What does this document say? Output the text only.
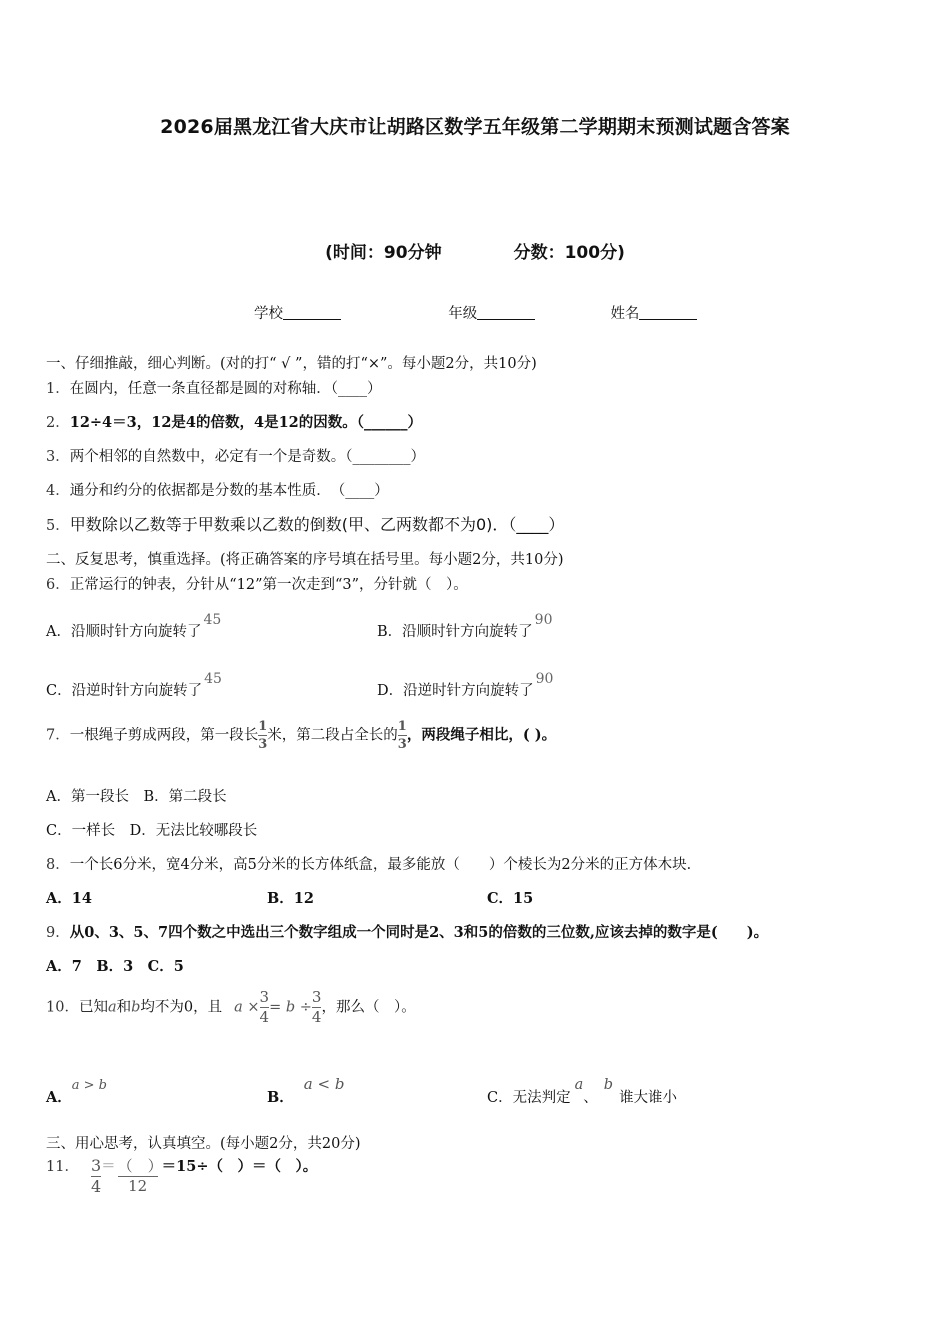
2026届黑龙江省大庆市让胡路区数学五年级第二学期期末预测试题含答案
(时间：90分钟	分数：100分)
学校	年级	姓名
一、仔细推敲，细心判断。(对的打“ √ ”，错的打“×”。每小题2分，共10分)
1．在圆内，任意一条直径都是圆的对称轴．（____）
2．12÷4＝3，12是4的倍数，4是12的因数。（______）
3．两个相邻的自然数中，必定有一个是奇数。（________）
4．通分和约分的依据都是分数的基本性质．　（____）
5．甲数除以乙数等于甲数乘以乙数的倒数(甲、乙两数都不为0)．（____）
二、反复思考，慎重选择。(将正确答案的序号填在括号里。每小题2分，共10分)
6．正常运行的钟表，分针从“12”第一次走到“3”，分针就（　）。
A．沿顺时针方向旋转了45
B．沿顺时针方向旋转了90
C．沿逆时针方向旋转了45
D．沿逆时针方向旋转了90
7．一根绳子剪成两段，第一段长 $\frac{1}{3}$ 米，第二段占全长的 $\frac{1}{3}$ ，两段绳子相比，( )。
A．第一段长　B．第二段长
C．一样长　D．无法比较哪段长
8．一个长6分米，宽4分米，高5分米的长方体纸盒，最多能放（　　）个棱长为2分米的正方体木块．
A．14	B．12	C．15
9．从0、3、5、7四个数之中选出三个数字组成一个同时是2、3和5的倍数的三位数,应该去掉的数字是(　　)。
A．7　B．3　C．5
10．已知a和b均不为0，且 $a \times \frac{3}{4} = b \div \frac{3}{4}$ ，那么（　）。
A．a > b
B．a < b
C．无法判定a、b谁大谁小
三、用心思考，认真填空。(每小题2分，共20分)
11． $\frac{3}{4} = \frac{( )}{12} =15\div$（　）＝（　）。
